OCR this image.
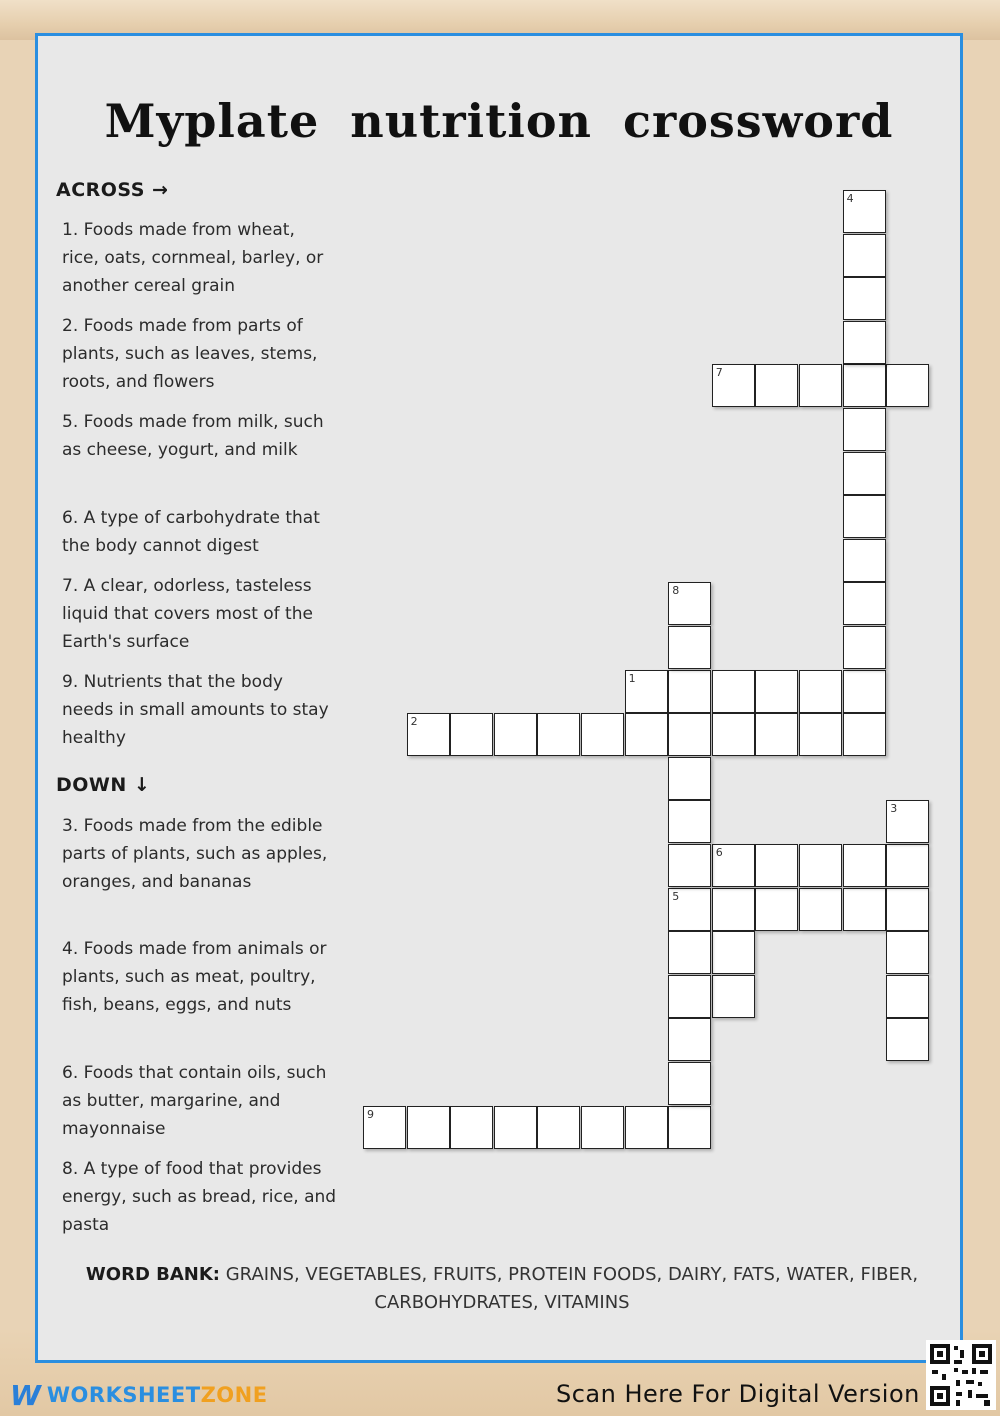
Myplate nutrition crossword
ACROSS →
1. Foods made from wheat, rice, oats, cornmeal, barley, or another cereal grain
2. Foods made from parts of plants, such as leaves, stems, roots, and flowers
5. Foods made from milk, such as cheese, yogurt, and milk
6. A type of carbohydrate that the body cannot digest
7. A clear, odorless, tasteless liquid that covers most of the Earth's surface
9. Nutrients that the body needs in small amounts to stay healthy
DOWN ↓
3. Foods made from the edible parts of plants, such as apples, oranges, and bananas
4. Foods made from animals or plants, such as meat, poultry, fish, beans, eggs, and nuts
6. Foods that contain oils, such as butter, margarine, and mayonnaise
8. A type of food that provides energy, such as bread, rice, and pasta
1
2
5
6
7
9
3
4
8
WORD BANK: GRAINS, VEGETABLES, FRUITS, PROTEIN FOODS, DAIRY, FATS, WATER, FIBER, CARBOHYDRATES, VITAMINS
W WORKSHEETZONE	Scan Here For Digital Version
